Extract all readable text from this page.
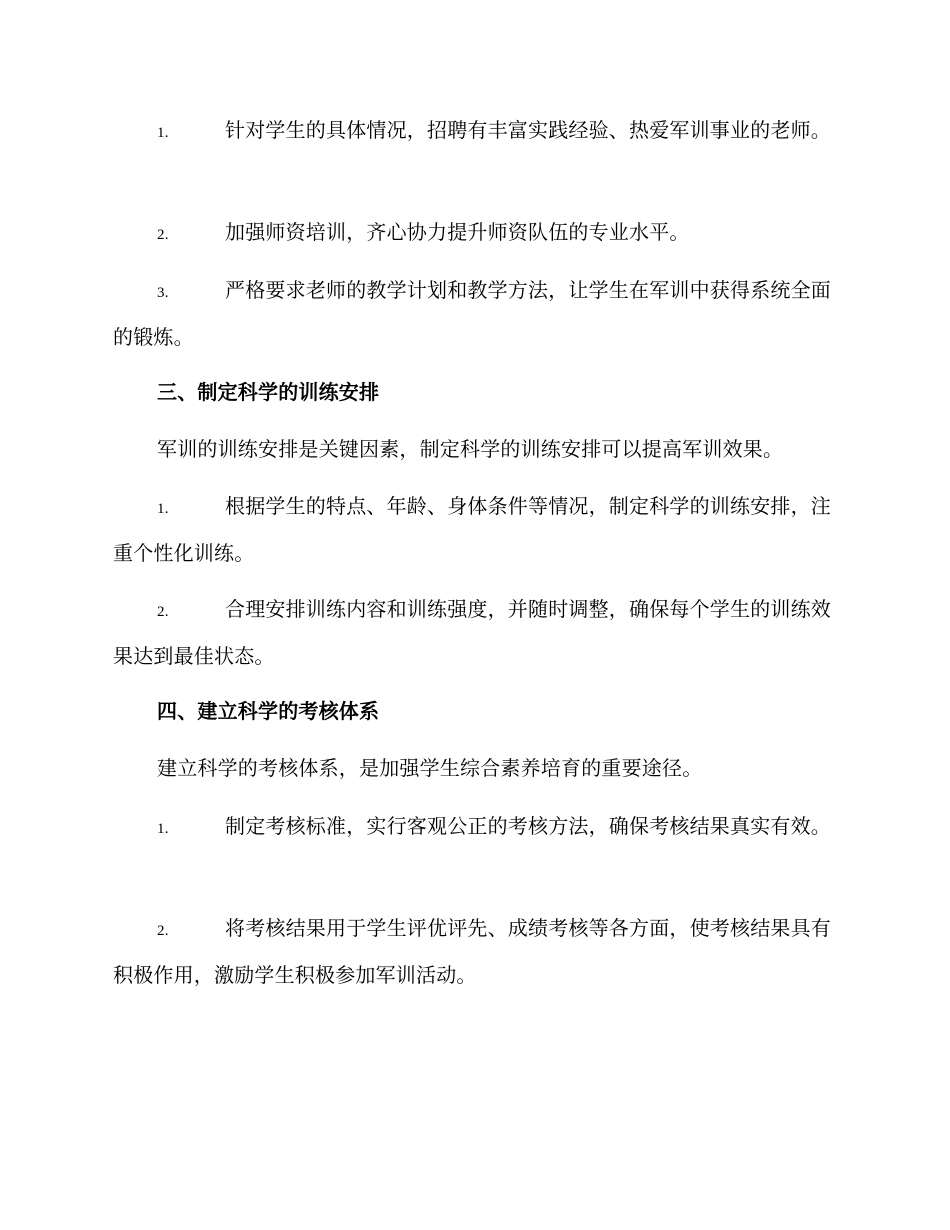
1.	针对学生的具体情况，招聘有丰富实践经验、热爱军训事业的老师。
2.	加强师资培训，齐心协力提升师资队伍的专业水平。
3.	严格要求老师的教学计划和教学方法，让学生在军训中获得系统全面的锻炼。
三、制定科学的训练安排
军训的训练安排是关键因素，制定科学的训练安排可以提高军训效果。
1.	根据学生的特点、年龄、身体条件等情况，制定科学的训练安排，注重个性化训练。
2.	合理安排训练内容和训练强度，并随时调整，确保每个学生的训练效果达到最佳状态。
四、建立科学的考核体系
建立科学的考核体系，是加强学生综合素养培育的重要途径。
1.	制定考核标准，实行客观公正的考核方法，确保考核结果真实有效。
2.	将考核结果用于学生评优评先、成绩考核等各方面，使考核结果具有积极作用，激励学生积极参加军训活动。
